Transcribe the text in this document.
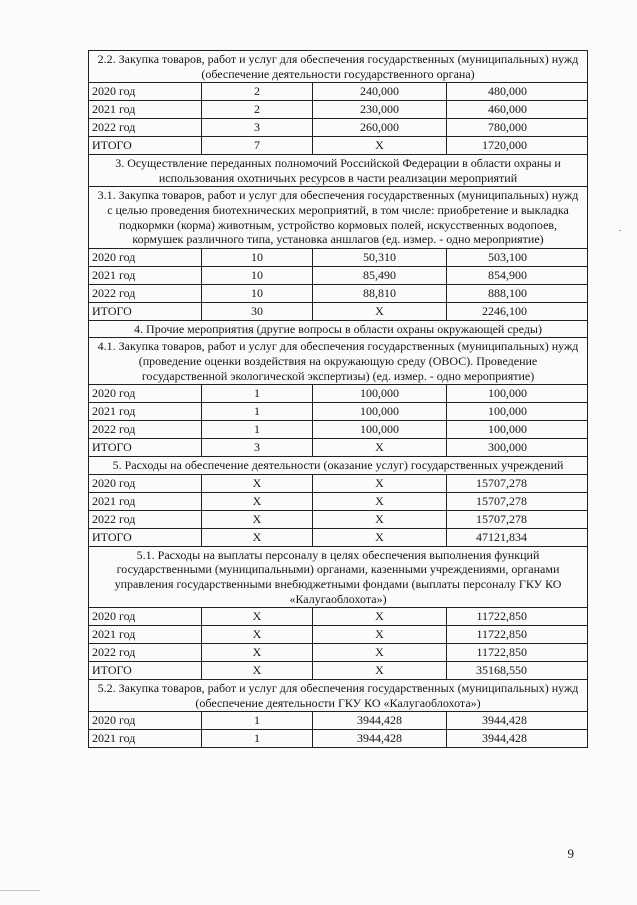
2.2. Закупка товаров, работ и услуг для обеспечения государственных (муниципальных) нужд (обеспечение деятельности государственного органа)			
2020 год	2	240,000	480,000
2021 год	2	230,000	460,000
2022 год	3	260,000	780,000
ИТОГО	7	X	1720,000
3. Осуществление переданных полномочий Российской Федерации в области охраны и использования охотничьих ресурсов в части реализации мероприятий			
3.1. Закупка товаров, работ и услуг для обеспечения государственных (муниципальных) нужд с целью проведения биотехнических мероприятий, в том числе: приобретение и выкладка подкормки (корма) животным, устройство кормовых полей, искусственных водопоев, кормушек различного типа, установка аншлагов (ед. измер. - одно мероприятие)			
2020 год	10	50,310	503,100
2021 год	10	85,490	854,900
2022 год	10	88,810	888,100
ИТОГО	30	X	2246,100
4. Прочие мероприятия (другие вопросы в области охраны окружающей среды)			
4.1. Закупка товаров, работ и услуг для обеспечения государственных (муниципальных) нужд (проведение оценки воздействия на окружающую среду (ОВОС). Проведение государственной экологической экспертизы) (ед. измер. - одно мероприятие)			
2020 год	1	100,000	100,000
2021 год	1	100,000	100,000
2022 год	1	100,000	100,000
ИТОГО	3	X	300,000
5. Расходы на обеспечение деятельности (оказание услуг) государственных учреждений			
2020 год	X	X	15707,278
2021 год	X	X	15707,278
2022 год	X	X	15707,278
ИТОГО	X	X	47121,834
5.1. Расходы на выплаты персоналу в целях обеспечения выполнения функций государственными (муниципальными) органами, казенными учреждениями, органами управления государственными внебюджетными фондами (выплаты персоналу ГКУ КО «Калугаоблохота»)			
2020 год	X	X	11722,850
2021 год	X	X	11722,850
2022 год	X	X	11722,850
ИТОГО	X	X	35168,550
5.2. Закупка товаров, работ и услуг для обеспечения государственных (муниципальных) нужд (обеспечение деятельности ГКУ КО «Калугаоблохота»)			
2020 год	1	3944,428	3944,428
2021 год	1	3944,428	3944,428
9
